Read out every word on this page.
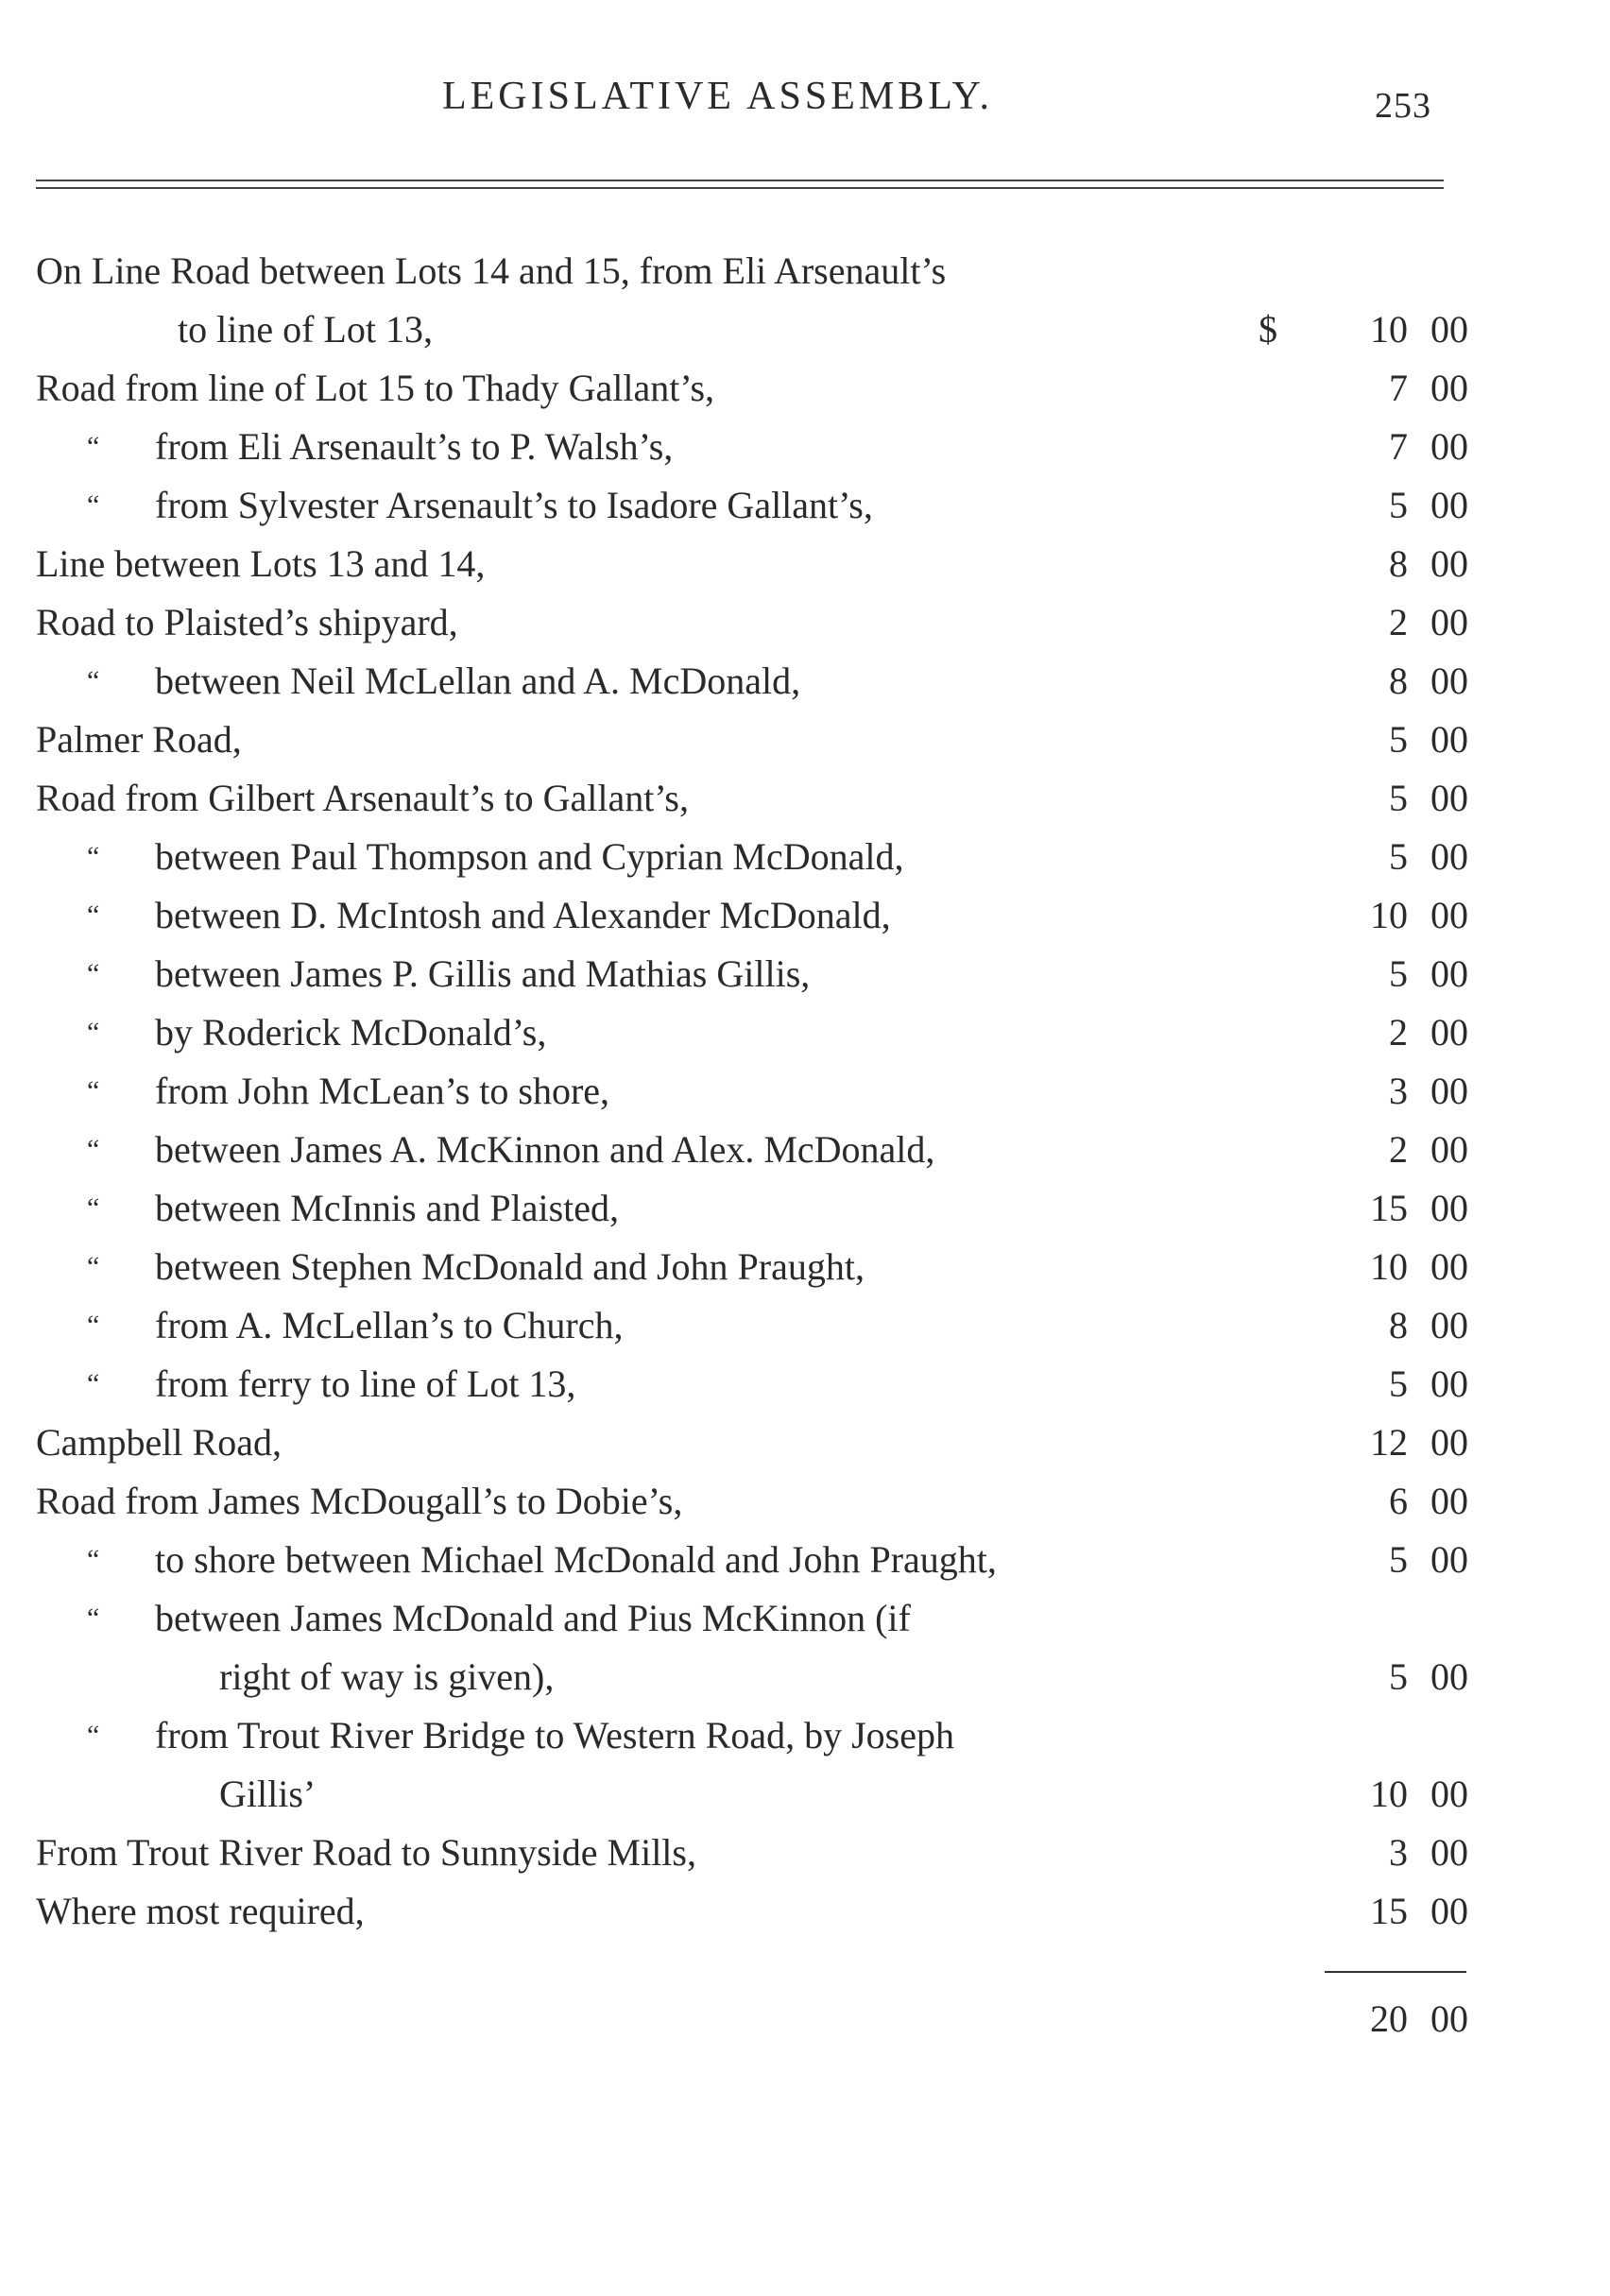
LEGISLATIVE ASSEMBLY.	253
On Line Road between Lots 14 and 15, from Eli Arsenault’s
to line of Lot 13,	$ 10 00
Road from line of Lot 15 to Thady Gallant’s,	7 00
“ from Eli Arsenault’s to P. Walsh’s,	7 00
“ from Sylvester Arsenault’s to Isadore Gallant’s,	5 00
Line between Lots 13 and 14,	8 00
Road to Plaisted’s shipyard,	2 00
“ between Neil McLellan and A. McDonald,	8 00
Palmer Road,	5 00
Road from Gilbert Arsenault’s to Gallant’s,	5 00
“ between Paul Thompson and Cyprian McDonald,	5 00
“ between D. McIntosh and Alexander McDonald,	10 00
“ between James P. Gillis and Mathias Gillis,	5 00
“ by Roderick McDonald’s,	2 00
“ from John McLean’s to shore,	3 00
“ between James A. McKinnon and Alex. McDonald,	2 00
“ between McInnis and Plaisted,	15 00
“ between Stephen McDonald and John Praught,	10 00
“ from A. McLellan’s to Church,	8 00
“ from ferry to line of Lot 13,	5 00
Campbell Road,	12 00
Road from James McDougall’s to Dobie’s,	6 00
“ to shore between Michael McDonald and John Praught,	5 00
“ between James McDonald and Pius McKinnon (if
right of way is given),	5 00
“ from Trout River Bridge to Western Road, by Joseph
Gillis’	10 00
From Trout River Road to Sunnyside Mills,	3 00
Where most required,	15 00
20 00
